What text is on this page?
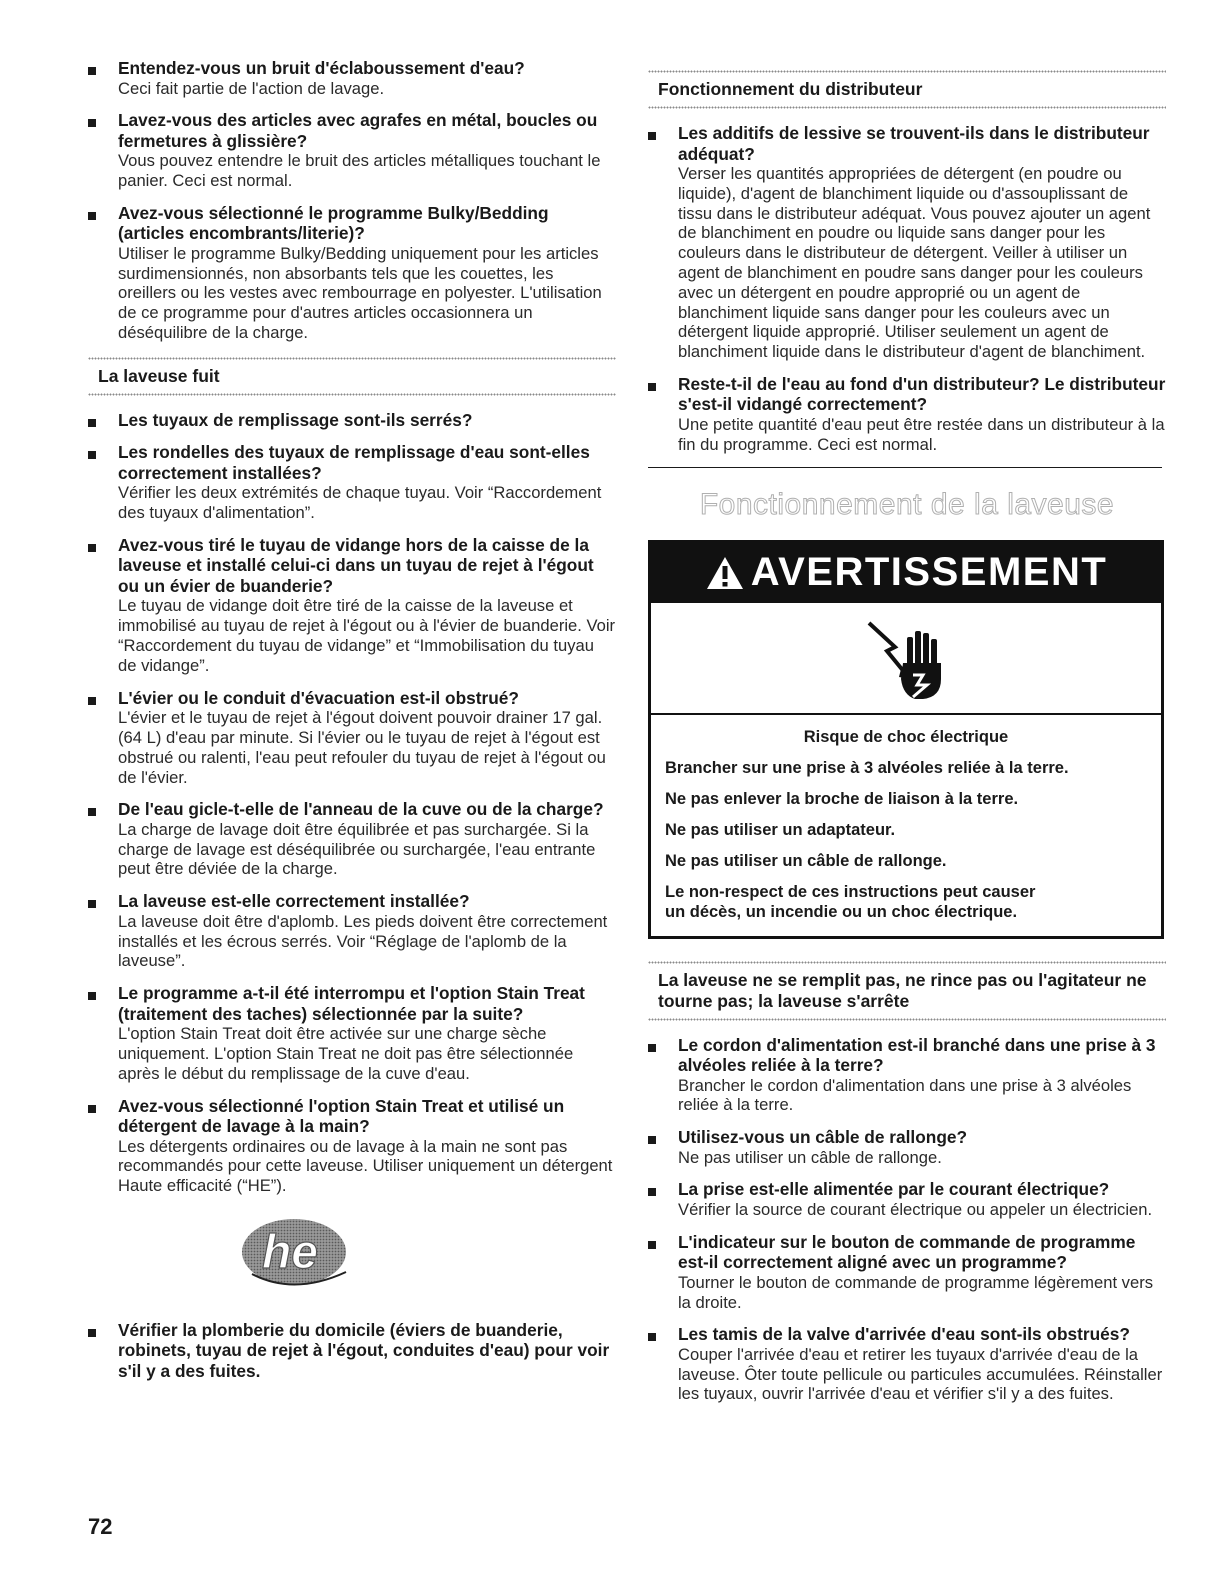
Entendez-vous un bruit d'éclaboussement d'eau?

Ceci fait partie de l'action de lavage.

Lavez-vous des articles avec agrafes en métal, boucles ou fermetures à glissière?

Vous pouvez entendre le bruit des articles métalliques touchant le panier. Ceci est normal.

Avez-vous sélectionné le programme Bulky/Bedding (articles encombrants/literie)?

Utiliser le programme Bulky/Bedding uniquement pour les articles surdimensionnés, non absorbants tels que les couettes, les oreillers ou les vestes avec rembourrage en polyester. L'utilisation de ce programme pour d'autres articles occasionnera un déséquilibre de la charge.

La laveuse fuit

Les tuyaux de remplissage sont-ils serrés?

Les rondelles des tuyaux de remplissage d'eau sont-elles correctement installées?

Vérifier les deux extrémités de chaque tuyau. Voir “Raccordement des tuyaux d'alimentation”.

Avez-vous tiré le tuyau de vidange hors de la caisse de la laveuse et installé celui-ci dans un tuyau de rejet à l'égout ou un évier de buanderie?

Le tuyau de vidange doit être tiré de la caisse de la laveuse et immobilisé au tuyau de rejet à l'égout ou à l'évier de buanderie. Voir “Raccordement du tuyau de vidange” et “Immobilisation du tuyau de vidange”.

L'évier ou le conduit d'évacuation est-il obstrué?

L'évier et le tuyau de rejet à l'égout doivent pouvoir drainer 17 gal. (64 L) d'eau par minute. Si l'évier ou le tuyau de rejet à l'égout est obstrué ou ralenti, l'eau peut refouler du tuyau de rejet à l'égout ou de l'évier.

De l'eau gicle-t-elle de l'anneau de la cuve ou de la charge?

La charge de lavage doit être équilibrée et pas surchargée. Si la charge de lavage est déséquilibrée ou surchargée, l'eau entrante peut être déviée de la charge.

La laveuse est-elle correctement installée?

La laveuse doit être d'aplomb. Les pieds doivent être correctement installés et les écrous serrés. Voir “Réglage de l'aplomb de la laveuse”.

Le programme a-t-il été interrompu et l'option Stain Treat (traitement des taches) sélectionnée par la suite?

L'option Stain Treat doit être activée sur une charge sèche uniquement. L'option Stain Treat ne doit pas être sélectionnée après le début du remplissage de la cuve d'eau.

Avez-vous sélectionné l'option Stain Treat et utilisé un détergent de lavage à la main?

Les détergents ordinaires ou de lavage à la main ne sont pas recommandés pour cette laveuse. Utiliser uniquement un détergent Haute efficacité (“HE”).

he

Vérifier la plomberie du domicile (éviers de buanderie, robinets, tuyau de rejet à l'égout, conduites d'eau) pour voir s'il y a des fuites.

Fonctionnement du distributeur

Les additifs de lessive se trouvent-ils dans le distributeur adéquat?

Verser les quantités appropriées de détergent (en poudre ou liquide), d'agent de blanchiment liquide ou d'assouplissant de tissu dans le distributeur adéquat. Vous pouvez ajouter un agent de blanchiment en poudre ou liquide sans danger pour les couleurs dans le distributeur de détergent. Veiller à utiliser un agent de blanchiment en poudre sans danger pour les couleurs avec un détergent en poudre approprié ou un agent de blanchiment liquide sans danger pour les couleurs avec un détergent liquide approprié. Utiliser seulement un agent de blanchiment liquide dans le distributeur d'agent de blanchiment.

Reste-t-il de l'eau au fond d'un distributeur? Le distributeur s'est-il vidangé correctement?

Une petite quantité d'eau peut être restée dans un distributeur à la fin du programme. Ceci est normal.

Fonctionnement de la laveuse
AVERTISSEMENT

Risque de choc électrique

Brancher sur une prise à 3 alvéoles reliée à la terre.

Ne pas enlever la broche de liaison à la terre.

Ne pas utiliser un adaptateur.

Ne pas utiliser un câble de rallonge.

Le non-respect de ces instructions peut causer
un décès, un incendie ou un choc électrique.

La laveuse ne se remplit pas, ne rince pas ou l'agitateur ne tourne pas; la laveuse s'arrête

Le cordon d'alimentation est-il branché dans une prise à 3 alvéoles reliée à la terre?

Brancher le cordon d'alimentation dans une prise à 3 alvéoles reliée à la terre.

Utilisez-vous un câble de rallonge?

Ne pas utiliser un câble de rallonge.

La prise est-elle alimentée par le courant électrique?

Vérifier la source de courant électrique ou appeler un électricien.

L'indicateur sur le bouton de commande de programme est-il correctement aligné avec un programme?

Tourner le bouton de commande de programme légèrement vers la droite.

Les tamis de la valve d'arrivée d'eau sont-ils obstrués?

Couper l'arrivée d'eau et retirer les tuyaux d'arrivée d'eau de la laveuse. Ôter toute pellicule ou particules accumulées. Réinstaller les tuyaux, ouvrir l'arrivée d'eau et vérifier s'il y a des fuites.

72
